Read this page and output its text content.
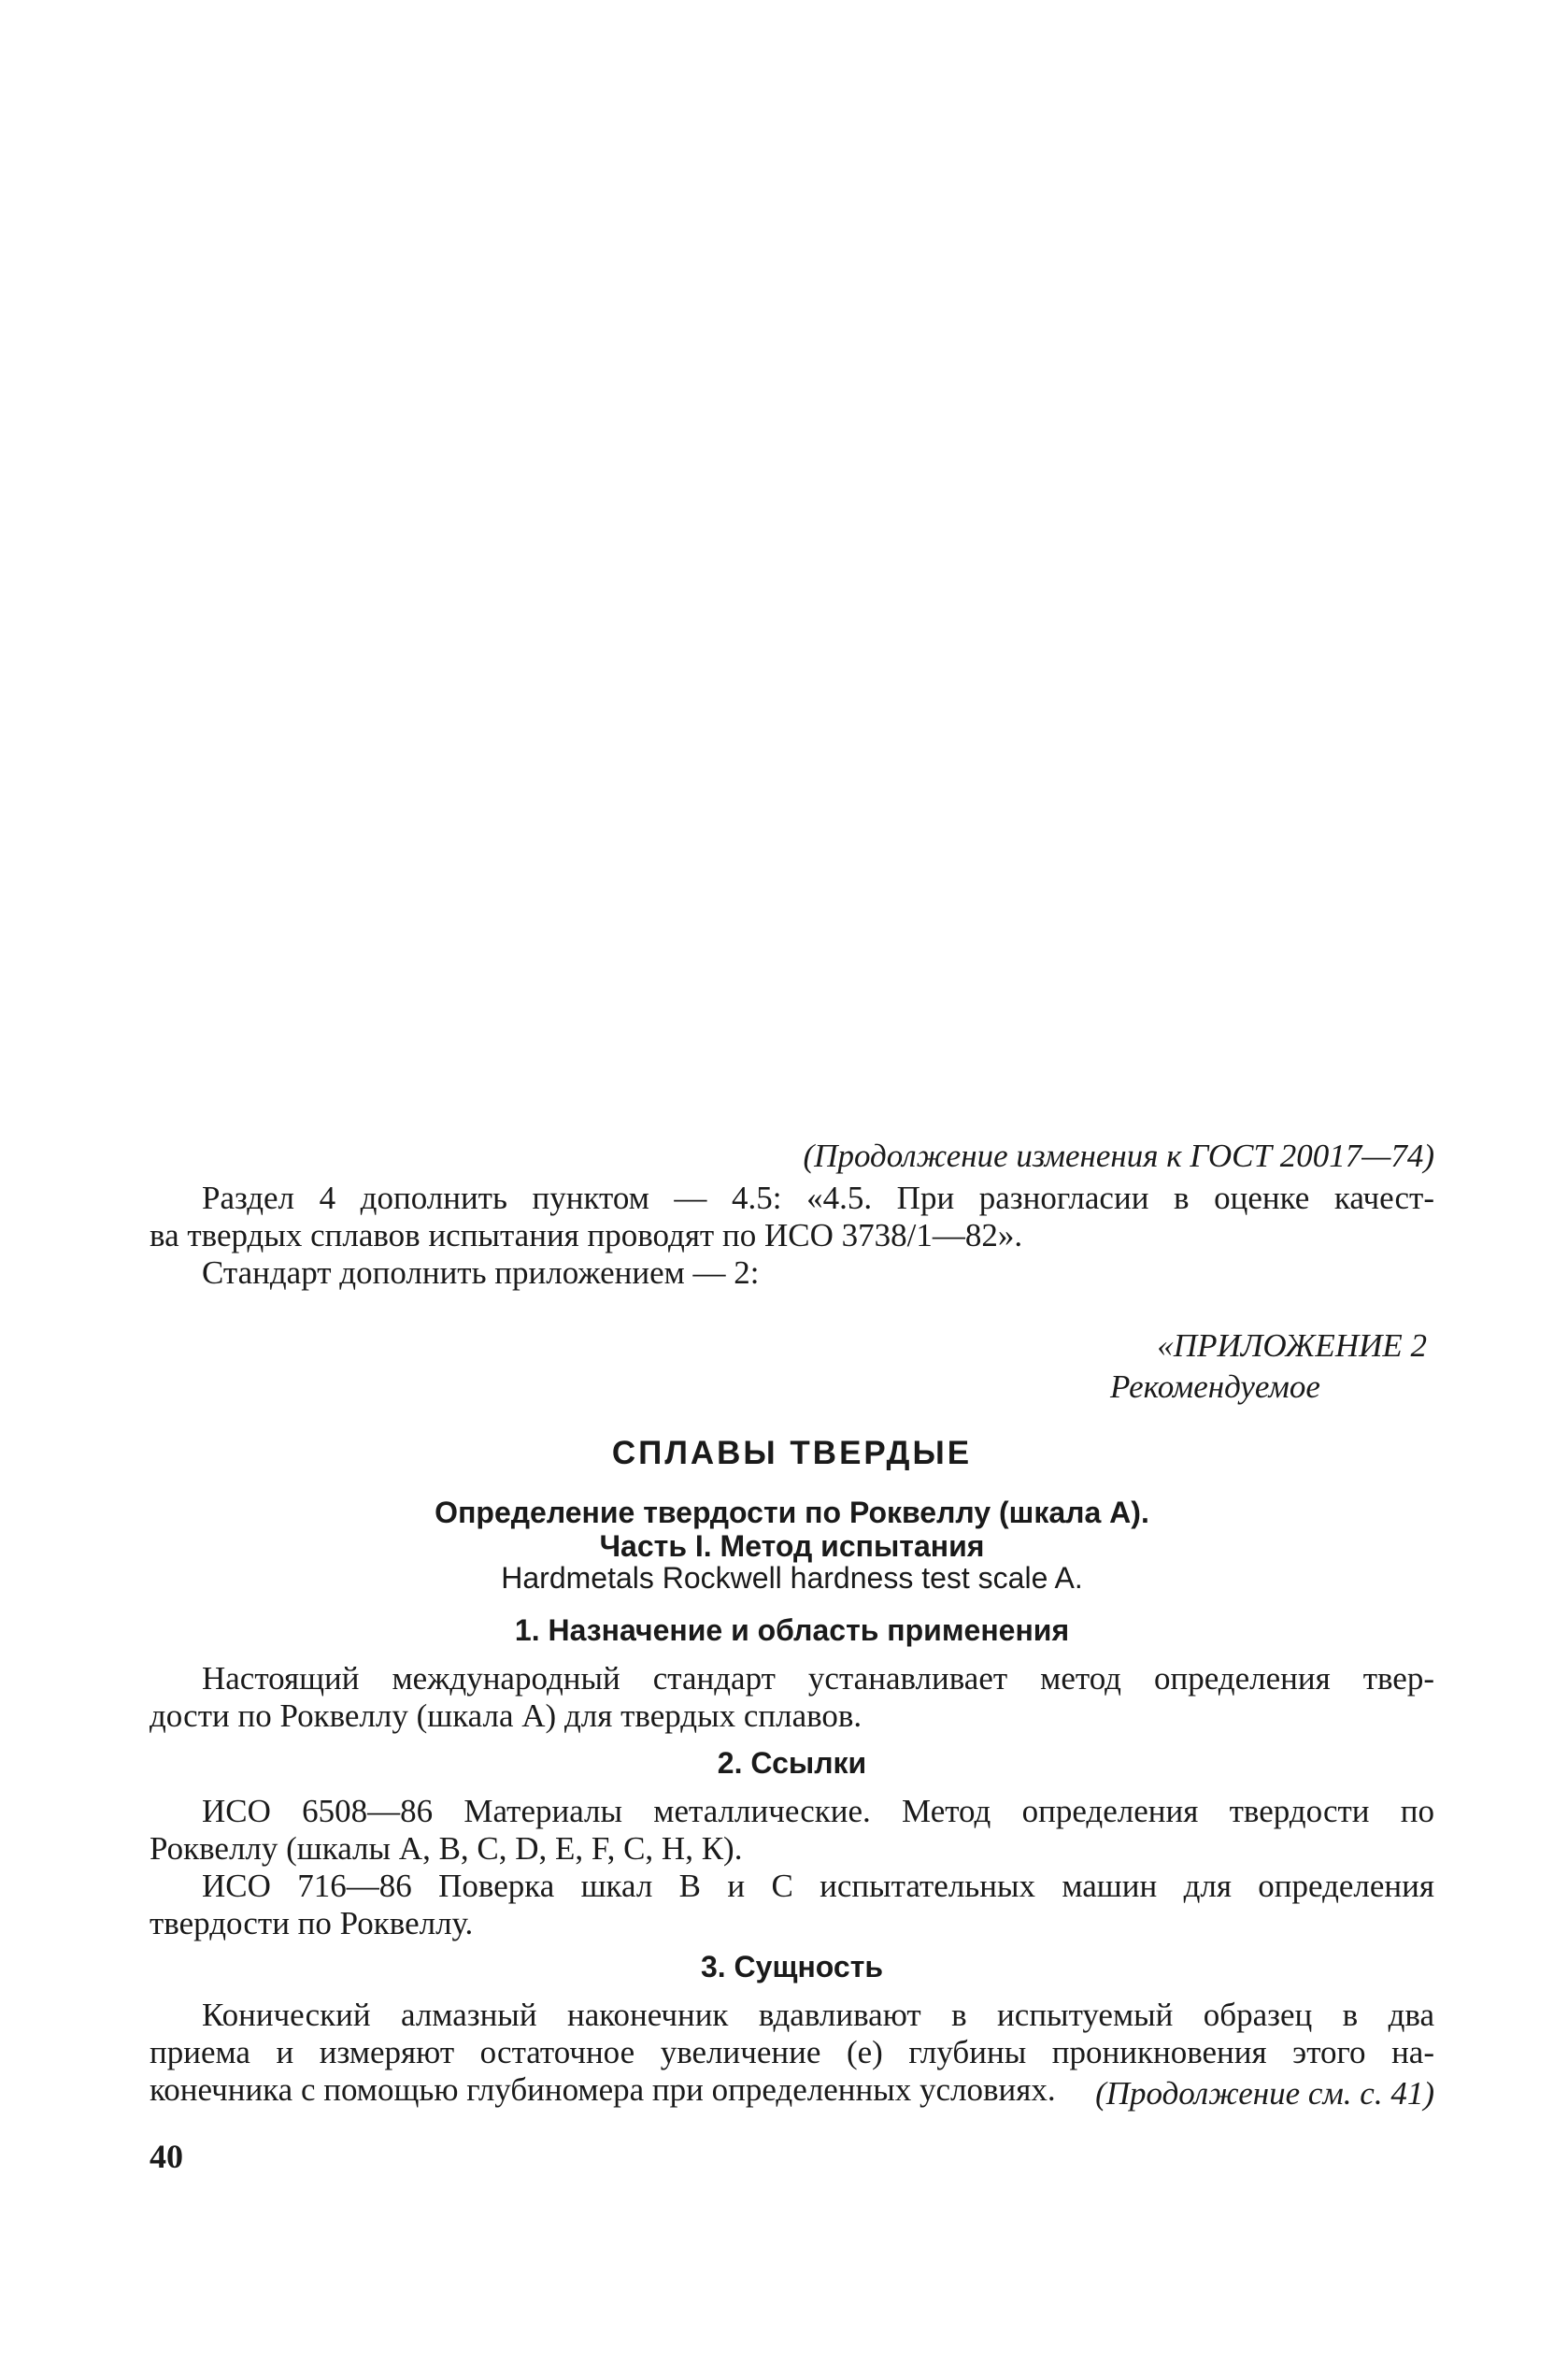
(Продолжение изменения к ГОСТ 20017—74)
Раздел 4 дополнить пунктом — 4.5: «4.5. При разногласии в оценке качест-
ва твердых сплавов испытания проводят по ИСО 3738/1—82».
Стандарт дополнить приложением — 2:
«ПРИЛОЖЕНИЕ 2
Рекомендуемое
СПЛАВЫ ТВЕРДЫЕ
Определение твердости по Роквеллу (шкала А).
Часть I. Метод испытания
Hardmetals Rockwell hardness test scale A.
1. Назначение и область применения
Настоящий международный стандарт устанавливает метод определения твер-
дости по Роквеллу (шкала А) для твердых сплавов.
2. Ссылки
ИСО 6508—86 Материалы металлические. Метод определения твердости по
Роквеллу (шкалы А, В, С, D, Е, F, С, Н, К).
ИСО 716—86 Поверка шкал В и С испытательных машин для определения
твердости по Роквеллу.
3. Сущность
Конический алмазный наконечник вдавливают в испытуемый образец в два
приема и измеряют остаточное увеличение (e) глубины проникновения этого на-
конечника с помощью глубиномера при определенных условиях.	(Продолжение см. с. 41)
40
